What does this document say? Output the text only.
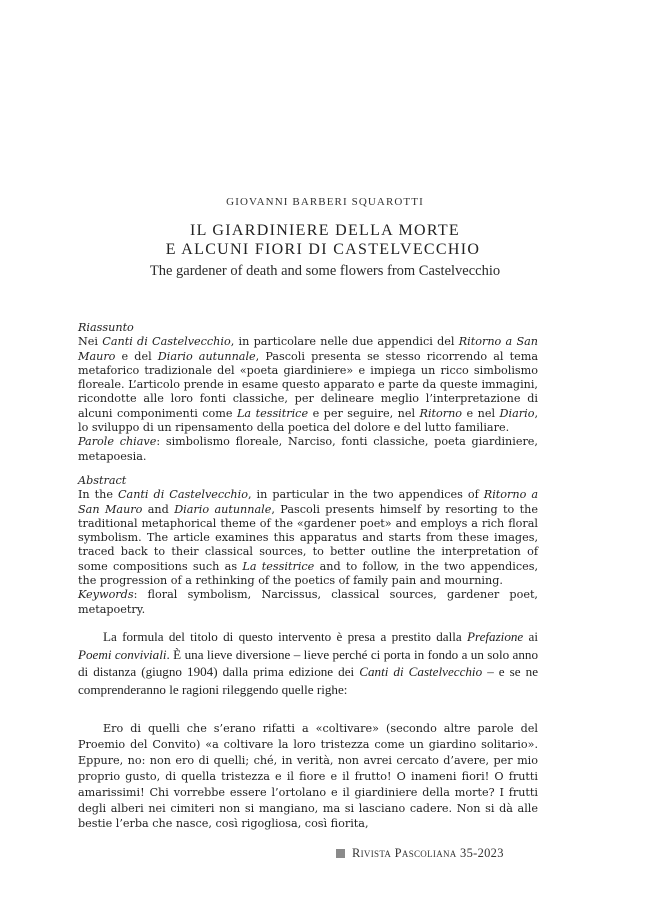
GIOVANNI BARBERI SQUAROTTI
IL GIARDINIERE DELLA MORTE
E ALCUNI FIORI DI CASTELVECCHIO
The gardener of death and some flowers from Castelvecchio

Riassunto

Nei Canti di Castelvecchio, in particolare nelle due appendici del Ritorno a San Mauro e del Diario autunnale, Pascoli presenta se stesso ricorrendo al tema metaforico tradizionale del «poeta giardiniere» e impiega un ricco simbolismo floreale. L’articolo prende in esame questo apparato e parte da queste immagini, ricondotte alle loro fonti classiche, per delineare meglio l’interpretazione di alcuni componimenti come La tessitrice e per seguire, nel Ritorno e nel Diario, lo sviluppo di un ripensamento della poetica del dolore e del lutto familiare.

Parole chiave: simbolismo floreale, Narciso, fonti classiche, poeta giardiniere, metapoesia.

Abstract

In the Canti di Castelvecchio, in particular in the two appendices of Ritorno a San Mauro and Diario autunnale, Pascoli presents himself by resorting to the traditional metaphorical theme of the «gardener poet» and employs a rich floral symbolism. The article examines this apparatus and starts from these images, traced back to their classical sources, to better outline the interpretation of some compositions such as La tessitrice and to follow, in the two appendices, the progression of a rethinking of the poetics of family pain and mourning.

Keywords: floral symbolism, Narcissus, classical sources, gardener poet, metapoetry.

La formula del titolo di questo intervento è presa a prestito dalla Prefazione ai Poemi conviviali. È una lieve diversione – lieve perché ci porta in fondo a un solo anno di distanza (giugno 1904) dalla prima edizione dei Canti di Castelvecchio – e se ne comprenderanno le ragioni rileggendo quelle righe:

Ero di quelli che s’erano rifatti a «coltivare» (secondo altre parole del Proemio del Convito) «a coltivare la loro tristezza come un giardino solitario». Eppure, no: non ero di quelli; ché, in verità, non avrei cercato d’avere, per mio proprio gusto, di quella tristezza e il fiore e il frutto! O inameni fiori! O frutti amarissimi! Chi vorrebbe essere l’ortolano e il giardiniere della morte? I frutti degli alberi nei cimiteri non si mangiano, ma si lasciano cadere. Non si dà alle bestie l’erba che nasce, così rigogliosa, così fiorita,

Rivista Pascoliana 35-2023
